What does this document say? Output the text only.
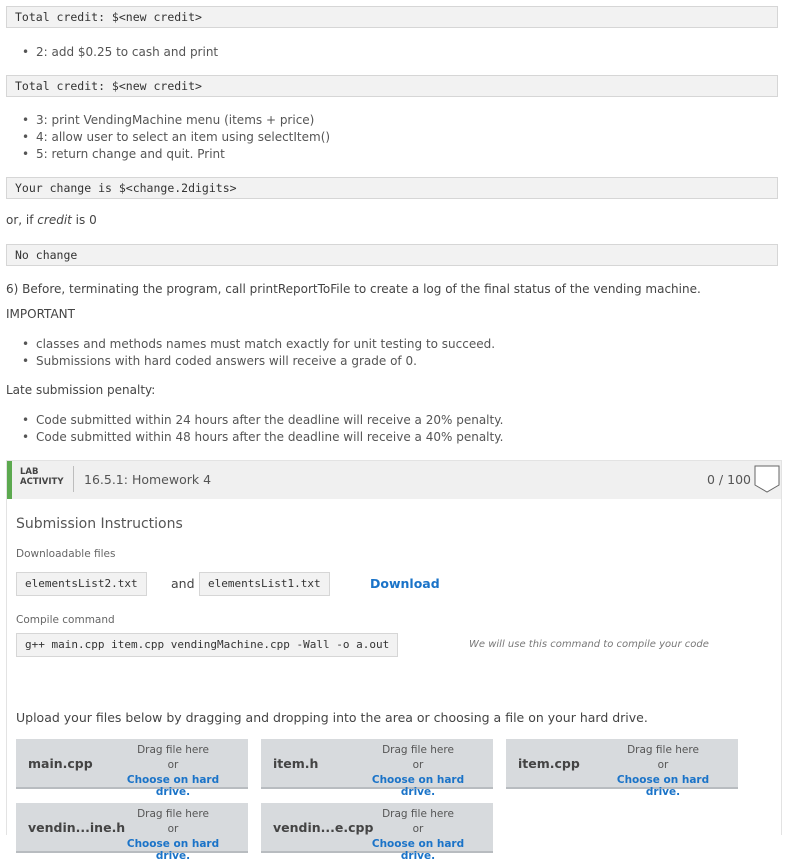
Total credit: $<new credit>
• 2: add $0.25 to cash and print
Total credit: $<new credit>
• 3: print VendingMachine menu (items + price)
• 4: allow user to select an item using selectItem()
• 5: return change and quit. Print
Your change is $<change.2digits>
or, if credit is 0
No change
6) Before, terminating the program, call printReportToFile to create a log of the final status of the vending machine.
IMPORTANT
• classes and methods names must match exactly for unit testing to succeed.
• Submissions with hard coded answers will receive a grade of 0.
Late submission penalty:
• Code submitted within 24 hours after the deadline will receive a 20% penalty.
• Code submitted within 48 hours after the deadline will receive a 40% penalty.
LAB
ACTIVITY 16.5.1: Homework 4	0 / 100
Submission Instructions
Downloadable files
elementsList2.txt	and	elementsList1.txt	Download
Compile command
g++ main.cpp item.cpp vendingMachine.cpp -Wall -o a.out	We will use this command to compile your code
Upload your files below by dragging and dropping into the area or choosing a file on your hard drive.
main.cpp
Drag file here
or
Choose on hard drive.
item.h
Drag file here
or
Choose on hard drive.
item.cpp
Drag file here
or
Choose on hard drive.
vendin...ine.h
Drag file here
or
Choose on hard drive.
vendin...e.cpp
Drag file here
or
Choose on hard drive.
